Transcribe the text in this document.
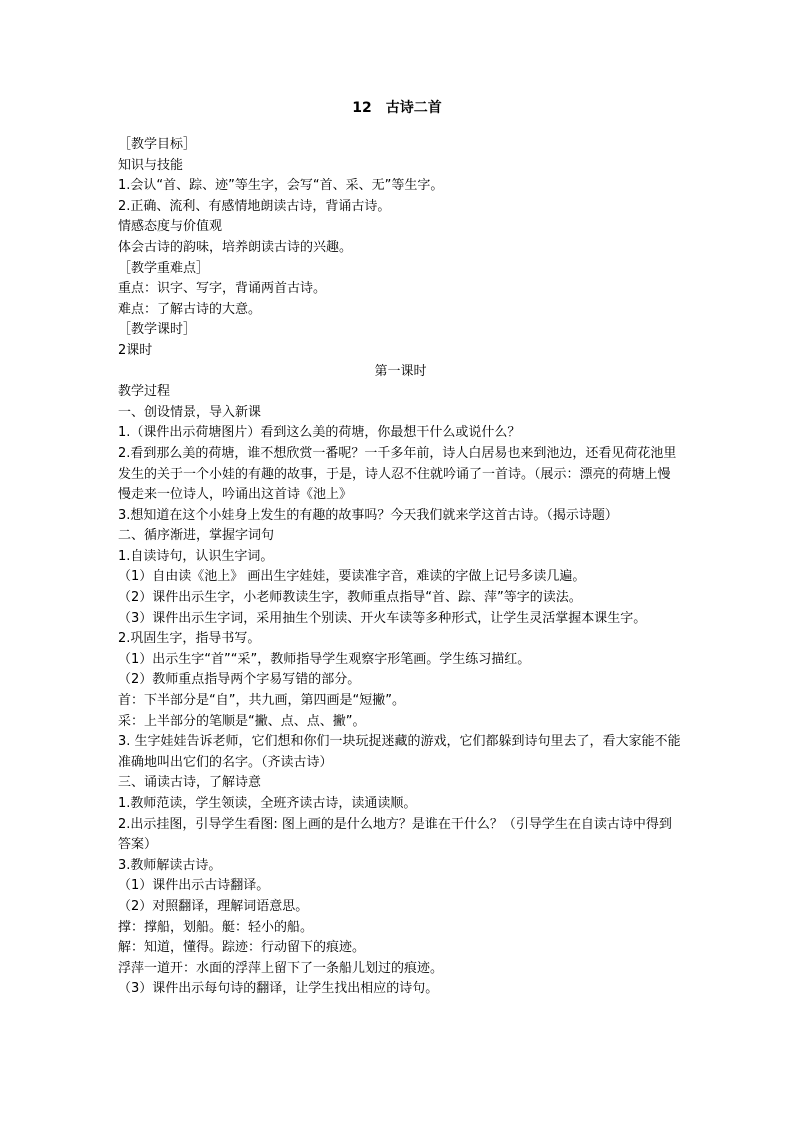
12　古诗二首

［教学目标］

知识与技能

1.会认“首、踪、迹”等生字，会写“首、采、无”等生字。

2.正确、流利、有感情地朗读古诗，背诵古诗。

情感态度与价值观

体会古诗的韵味，培养朗读古诗的兴趣。

［教学重难点］

重点：识字、写字，背诵两首古诗。

难点：了解古诗的大意。

［教学课时］

2课时

第一课时

教学过程

一、创设情景，导入新课

1.（课件出示荷塘图片）看到这么美的荷塘，你最想干什么或说什么？

2.看到那么美的荷塘，谁不想欣赏一番呢？一千多年前，诗人白居易也来到池边，还看见荷花池里发生的关于一个小娃的有趣的故事，于是，诗人忍不住就吟诵了一首诗。（展示：漂亮的荷塘上慢慢走来一位诗人，吟诵出这首诗《池上》

3.想知道在这个小娃身上发生的有趣的故事吗？今天我们就来学这首古诗。（揭示诗题）

二、循序渐进，掌握字词句

1.自读诗句，认识生字词。

（1）自由读《池上》 画出生字娃娃，要读准字音，难读的字做上记号多读几遍。

（2）课件出示生字，小老师教读生字，教师重点指导“首、踪、萍”等字的读法。

（3）课件出示生字词，采用抽生个别读、开火车读等多种形式，让学生灵活掌握本课生字。

2.巩固生字，指导书写。

（1）出示生字“首”“采”，教师指导学生观察字形笔画。学生练习描红。

（2）教师重点指导两个字易写错的部分。

首：下半部分是“自”，共九画，第四画是“短撇”。

采：上半部分的笔顺是“撇、点、点、撇”。

3. 生字娃娃告诉老师，它们想和你们一块玩捉迷藏的游戏，它们都躲到诗句里去了，看大家能不能准确地叫出它们的名字。（齐读古诗）

三、诵读古诗，了解诗意

1.教师范读，学生领读，全班齐读古诗，读通读顺。

2.出示挂图，引导学生看图: 图上画的是什么地方？是谁在干什么？（引导学生在自读古诗中得到答案）

3.教师解读古诗。

（1）课件出示古诗翻译。

（2）对照翻译，理解词语意思。

撑：撑船，划船。艇：轻小的船。

解：知道，懂得。踪迹：行动留下的痕迹。

浮萍一道开：水面的浮萍上留下了一条船儿划过的痕迹。

（3）课件出示每句诗的翻译，让学生找出相应的诗句。
